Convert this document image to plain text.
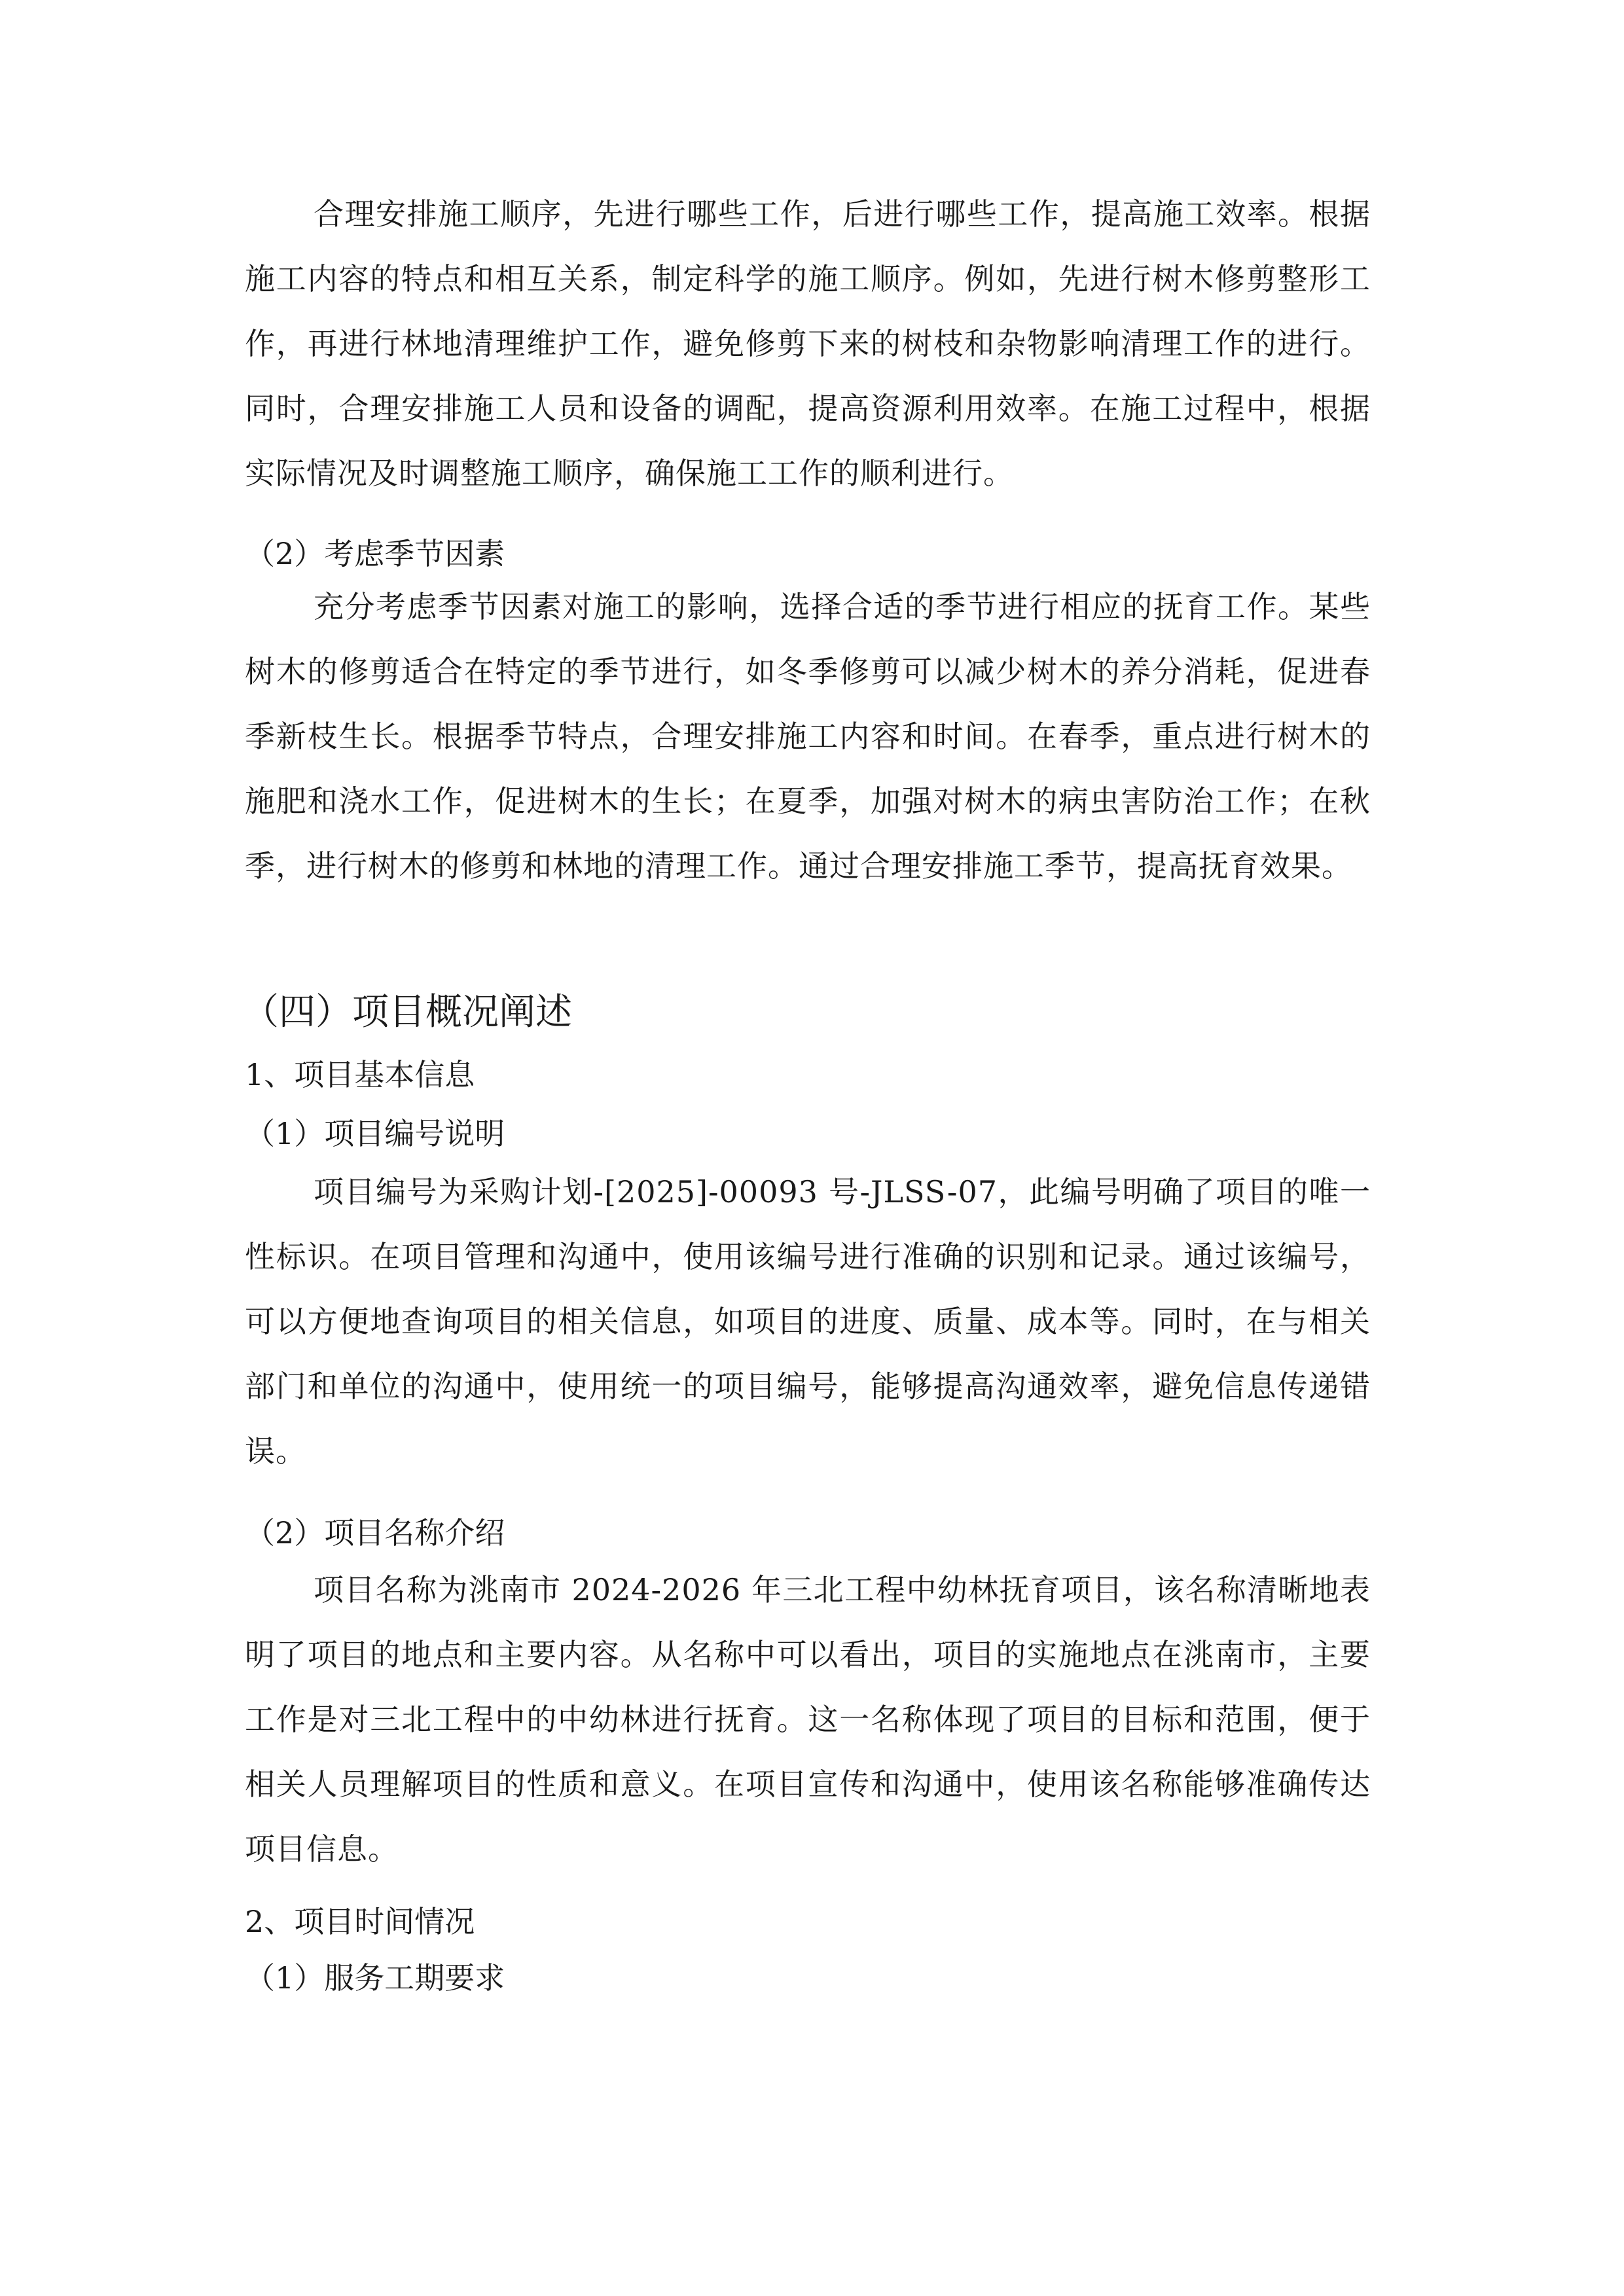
合理安排施工顺序，先进行哪些工作，后进行哪些工作，提高施工效率。根据施工内容的特点和相互关系，制定科学的施工顺序。例如，先进行树木修剪整形工作，再进行林地清理维护工作，避免修剪下来的树枝和杂物影响清理工作的进行。同时，合理安排施工人员和设备的调配，提高资源利用效率。在施工过程中，根据实际情况及时调整施工顺序，确保施工工作的顺利进行。

（2）考虑季节因素

充分考虑季节因素对施工的影响，选择合适的季节进行相应的抚育工作。某些树木的修剪适合在特定的季节进行，如冬季修剪可以减少树木的养分消耗，促进春季新枝生长。根据季节特点，合理安排施工内容和时间。在春季，重点进行树木的施肥和浇水工作，促进树木的生长；在夏季，加强对树木的病虫害防治工作；在秋季，进行树木的修剪和林地的清理工作。通过合理安排施工季节，提高抚育效果。

（四）项目概况阐述
1、项目基本信息
（1）项目编号说明

项目编号为采购计划-[2025]-00093 号-JLSS-07，此编号明确了项目的唯一性标识。在项目管理和沟通中，使用该编号进行准确的识别和记录。通过该编号，可以方便地查询项目的相关信息，如项目的进度、质量、成本等。同时，在与相关部门和单位的沟通中，使用统一的项目编号，能够提高沟通效率，避免信息传递错误。

（2）项目名称介绍

项目名称为洮南市 2024-2026 年三北工程中幼林抚育项目，该名称清晰地表明了项目的地点和主要内容。从名称中可以看出，项目的实施地点在洮南市，主要工作是对三北工程中的中幼林进行抚育。这一名称体现了项目的目标和范围，便于相关人员理解项目的性质和意义。在项目宣传和沟通中，使用该名称能够准确传达项目信息。

2、项目时间情况
（1）服务工期要求
